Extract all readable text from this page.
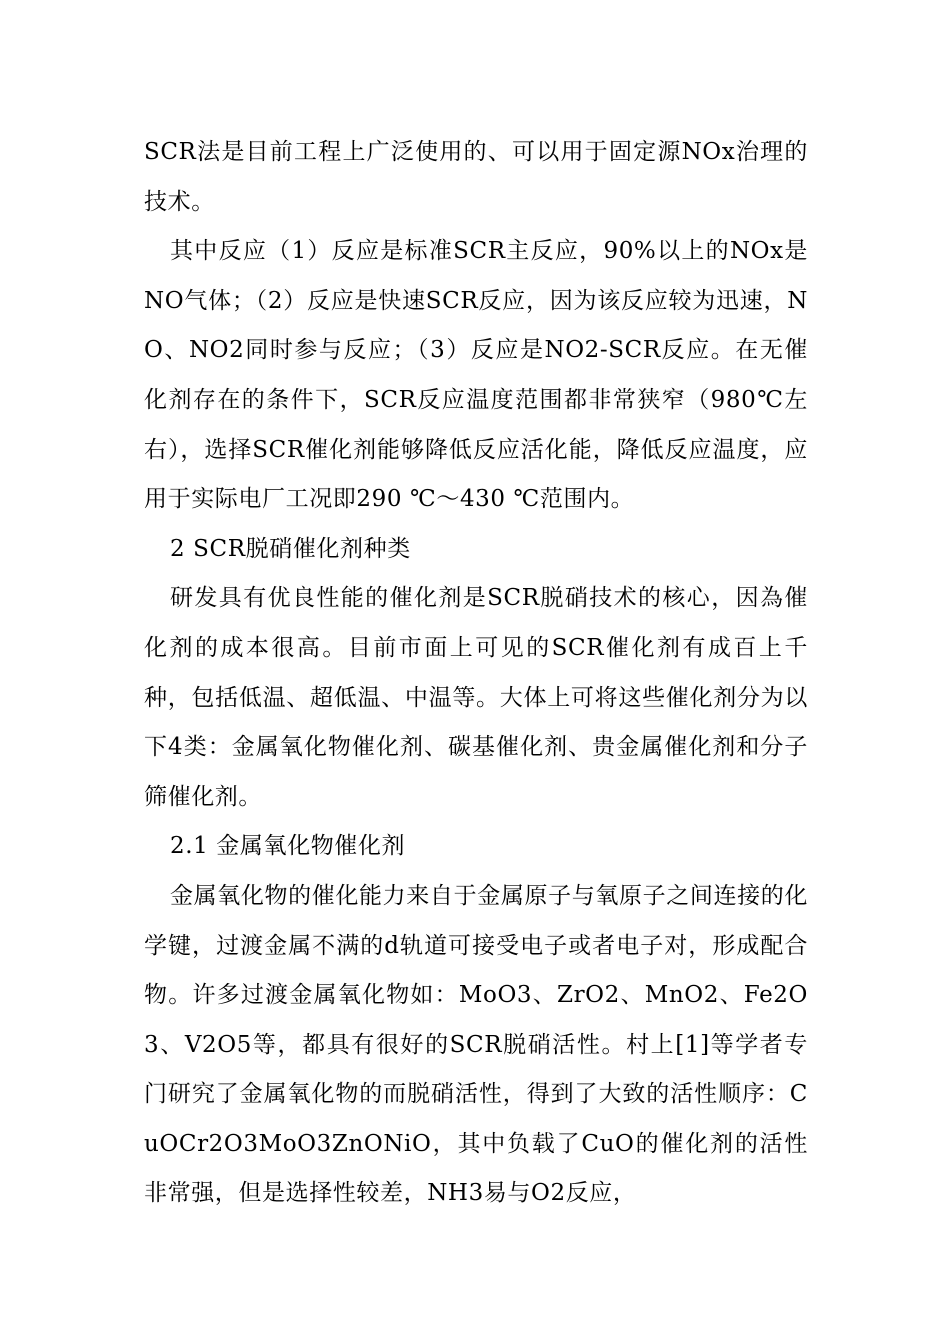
SCR法是目前工程上广泛使用的、可以用于固定源NOx治理的技术。

其中反应（1）反应是标准SCR主反应，90%以上的NOx是NO气体；（2）反应是快速SCR反应，因为该反应较为迅速，NO、NO2同时参与反应；（3）反应是NO2-SCR反应。在无催化剂存在的条件下，SCR反应温度范围都非常狭窄（980℃左右），选择SCR催化剂能够降低反应活化能，降低反应温度，应用于实际电厂工况即290 ℃～430 ℃范围内。

2 SCR脱硝催化剂种类

研发具有优良性能的催化剂是SCR脱硝技术的核心，因為催化剂的成本很高。目前市面上可见的SCR催化剂有成百上千种，包括低温、超低温、中温等。大体上可将这些催化剂分为以下4类：金属氧化物催化剂、碳基催化剂、贵金属催化剂和分子筛催化剂。

2.1 金属氧化物催化剂

金属氧化物的催化能力来自于金属原子与氧原子之间连接的化学键，过渡金属不满的d轨道可接受电子或者电子对，形成配合物。许多过渡金属氧化物如：MoO3、ZrO2、MnO2、Fe2O3、V2O5等，都具有很好的SCR脱硝活性。村上[1]等学者专门研究了金属氧化物的而脱硝活性，得到了大致的活性顺序：CuOCr2O3MoO3ZnONiO，其中负载了CuO的催化剂的活性非常强，但是选择性较差，NH3易与O2反应，
